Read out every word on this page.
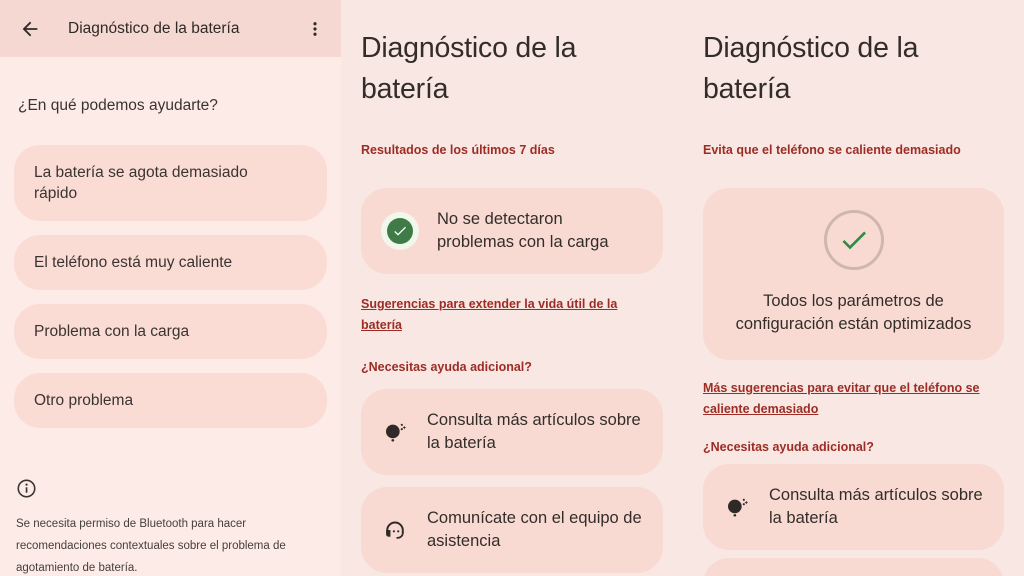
Diagnóstico de la batería
¿En qué podemos ayudarte?
La batería se agota demasiado rápido
El teléfono está muy caliente
Problema con la carga
Otro problema
Se necesita permiso de Bluetooth para hacer recomendaciones contextuales sobre el problema de agotamiento de batería.
Diagnóstico de la batería
Resultados de los últimos 7 días
No se detectaron problemas con la carga
Sugerencias para extender la vida útil de la batería
¿Necesitas ayuda adicional?
Consulta más artículos sobre la batería
Comunícate con el equipo de asistencia
Diagnóstico de la batería
Evita que el teléfono se caliente demasiado
Todos los parámetros de configuración están optimizados
Más sugerencias para evitar que el teléfono se caliente demasiado
¿Necesitas ayuda adicional?
Consulta más artículos sobre la batería
